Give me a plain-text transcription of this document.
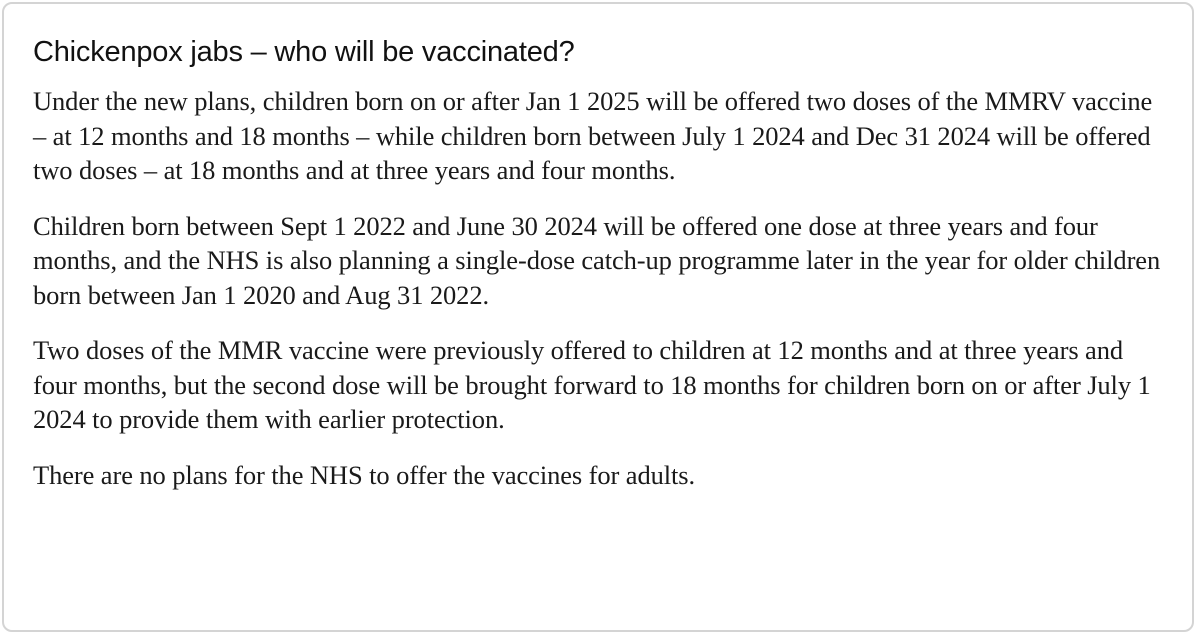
Chickenpox jabs – who will be vaccinated?

Under the new plans, children born on or after Jan 1 2025 will be offered two doses of the MMRV vaccine – at 12 months and 18 months – while children born between July 1 2024 and Dec 31 2024 will be offered two doses – at 18 months and at three years and four months.

Children born between Sept 1 2022 and June 30 2024 will be offered one dose at three years and four months, and the NHS is also planning a single-dose catch-up programme later in the year for older children born between Jan 1 2020 and Aug 31 2022.

Two doses of the MMR vaccine were previously offered to children at 12 months and at three years and four months, but the second dose will be brought forward to 18 months for children born on or after July 1 2024 to provide them with earlier protection.

There are no plans for the NHS to offer the vaccines for adults.
